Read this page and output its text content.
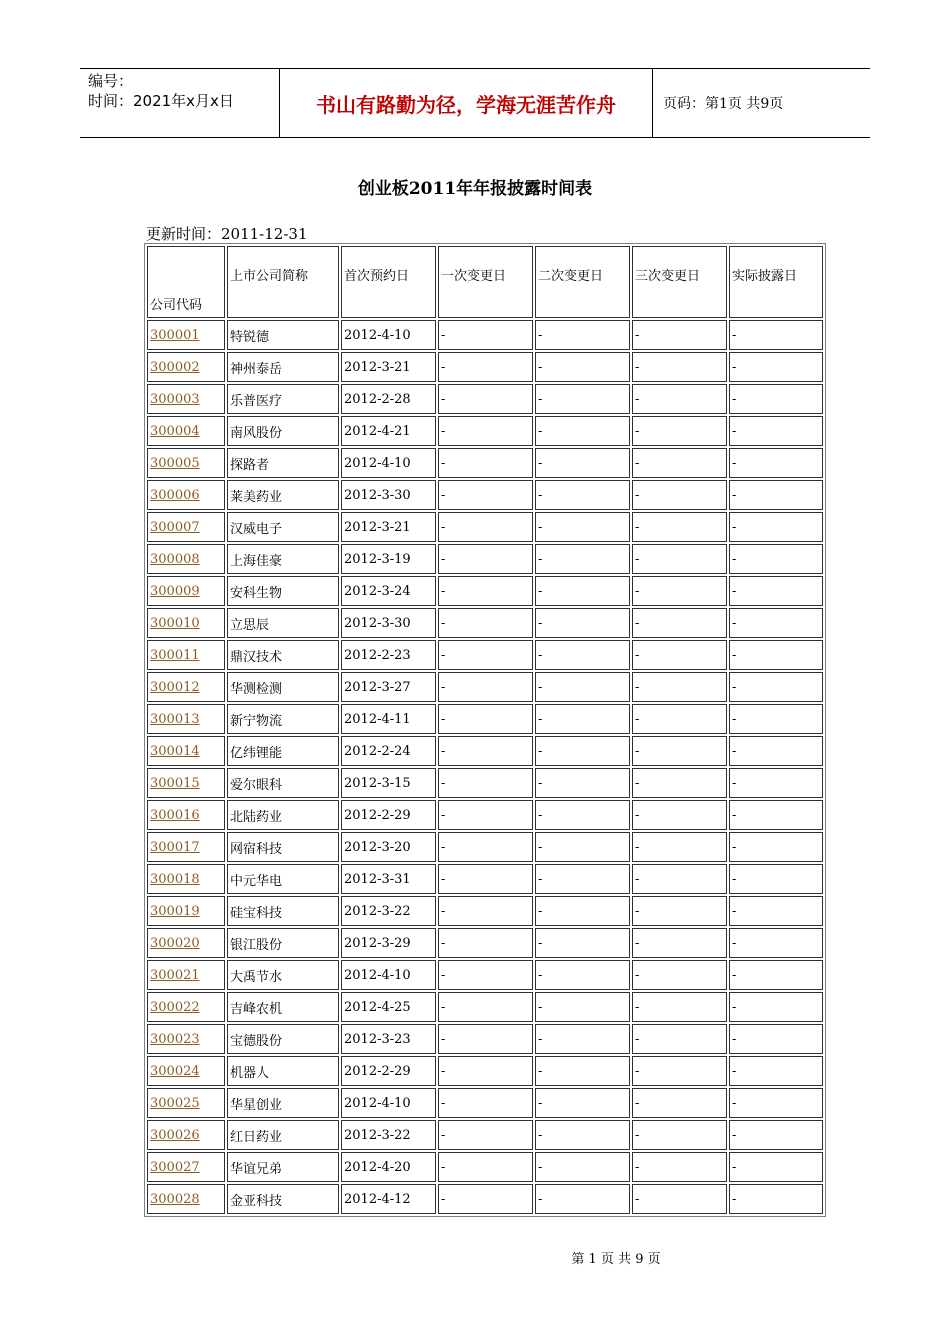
编号：
时间：2021年x月x日	书山有路勤为径，学海无涯苦作舟	页码：第1页 共9页
创业板2011年年报披露时间表
更新时间：2011-12-31
公司代码	上市公司简称	首次预约日	一次变更日	二次变更日	三次变更日	实际披露日
300001	特锐德	2012-4-10	-	-	-	-
300002	神州泰岳	2012-3-21	-	-	-	-
300003	乐普医疗	2012-2-28	-	-	-	-
300004	南风股份	2012-4-21	-	-	-	-
300005	探路者	2012-4-10	-	-	-	-
300006	莱美药业	2012-3-30	-	-	-	-
300007	汉威电子	2012-3-21	-	-	-	-
300008	上海佳豪	2012-3-19	-	-	-	-
300009	安科生物	2012-3-24	-	-	-	-
300010	立思辰	2012-3-30	-	-	-	-
300011	鼎汉技术	2012-2-23	-	-	-	-
300012	华测检测	2012-3-27	-	-	-	-
300013	新宁物流	2012-4-11	-	-	-	-
300014	亿纬锂能	2012-2-24	-	-	-	-
300015	爱尔眼科	2012-3-15	-	-	-	-
300016	北陆药业	2012-2-29	-	-	-	-
300017	网宿科技	2012-3-20	-	-	-	-
300018	中元华电	2012-3-31	-	-	-	-
300019	硅宝科技	2012-3-22	-	-	-	-
300020	银江股份	2012-3-29	-	-	-	-
300021	大禹节水	2012-4-10	-	-	-	-
300022	吉峰农机	2012-4-25	-	-	-	-
300023	宝德股份	2012-3-23	-	-	-	-
300024	机器人	2012-2-29	-	-	-	-
300025	华星创业	2012-4-10	-	-	-	-
300026	红日药业	2012-3-22	-	-	-	-
300027	华谊兄弟	2012-4-20	-	-	-	-
300028	金亚科技	2012-4-12	-	-	-	-
第 1 页 共 9 页
